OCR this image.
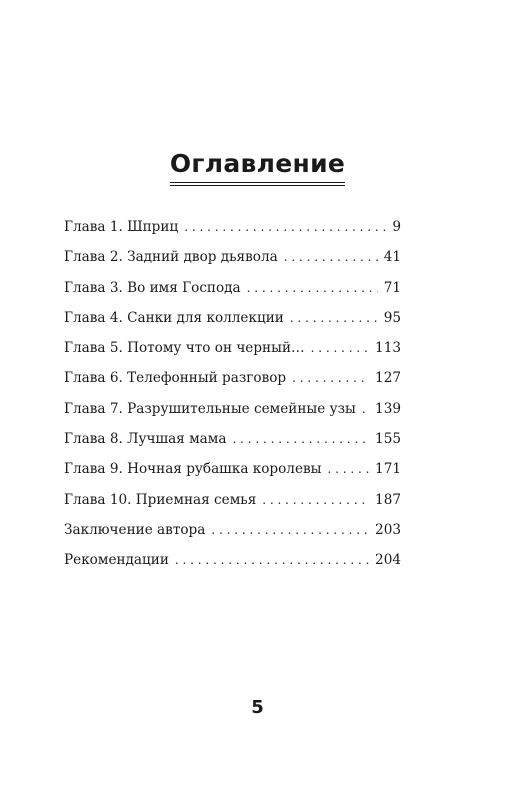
Оглавление
Глава 1. Шприц . . .	9
Глава 2. Задний двор дьявола . . .	41
Глава 3. Во имя Господа . . .	71
Глава 4. Санки для коллекции . . .	95
Глава 5. Потому что он черный… . . .	113
Глава 6. Телефонный разговор . . .	127
Глава 7. Разрушительные семейные узы . . . 139
Глава 8. Лучшая мама . . .	155
Глава 9. Ночная рубашка королевы . . .	171
Глава 10. Приемная семья . . .	187
Заключение автора . . .	203
Рекомендации . . .	204
5
